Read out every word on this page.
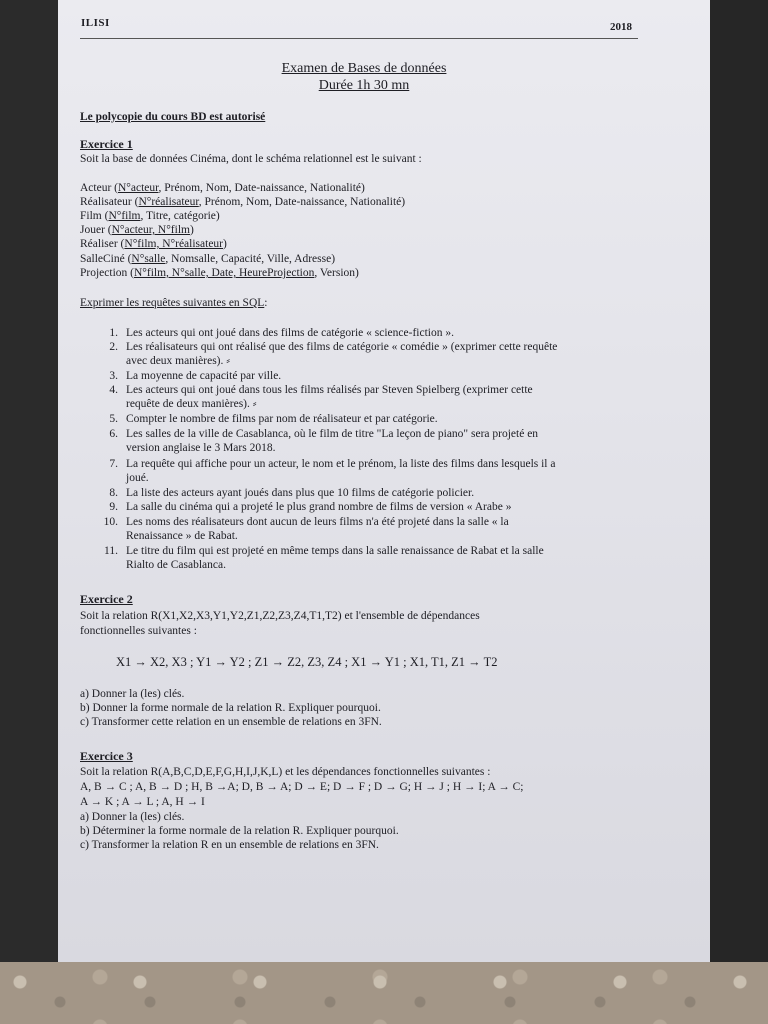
ILISI	2018
Examen de Bases de données
Durée 1h 30 mn
Le polycopie du cours BD est autorisé
Exercice 1
Soit la base de données Cinéma, dont le schéma relationnel est le suivant :
Acteur (N°acteur, Prénom, Nom, Date-naissance, Nationalité)
Réalisateur (N°réalisateur, Prénom, Nom, Date-naissance, Nationalité)
Film (N°film, Titre, catégorie)
Jouer (N°acteur, N°film)
Réaliser (N°film, N°réalisateur)
SalleCiné (N°salle, Nomsalle, Capacité, Ville, Adresse)
Projection (N°film, N°salle, Date, HeureProjection, Version)
Exprimer les requêtes suivantes en SQL:
1. Les acteurs qui ont joué dans des films de catégorie « science-fiction ».
2. Les réalisateurs qui ont réalisé que des films de catégorie « comédie » (exprimer cette requête
avec deux manières). ⸗
3. La moyenne de capacité par ville.
4. Les acteurs qui ont joué dans tous les films réalisés par Steven Spielberg (exprimer cette
requête de deux manières). ⸗
5. Compter le nombre de films par nom de réalisateur et par catégorie.
6. Les salles de la ville de Casablanca, où le film de titre "La leçon de piano" sera projeté en
version anglaise le 3 Mars 2018.
7. La requête qui affiche pour un acteur, le nom et le prénom, la liste des films dans lesquels il a
joué.
8. La liste des acteurs ayant joués dans plus que 10 films de catégorie policier.
9. La salle du cinéma qui a projeté le plus grand nombre de films de version « Arabe »
10. Les noms des réalisateurs dont aucun de leurs films n'a été projeté dans la salle « la
Renaissance » de Rabat.
11. Le titre du film qui est projeté en même temps dans la salle renaissance de Rabat et la salle
Rialto de Casablanca.
Exercice 2
Soit la relation R(X1,X2,X3,Y1,Y2,Z1,Z2,Z3,Z4,T1,T2) et l'ensemble de dépendances
fonctionnelles suivantes :
X1 → X2, X3 ; Y1 → Y2 ; Z1 → Z2, Z3, Z4 ; X1 → Y1 ; X1, T1, Z1 → T2
a) Donner la (les) clés.
b) Donner la forme normale de la relation R. Expliquer pourquoi.
c) Transformer cette relation en un ensemble de relations en 3FN.
Exercice 3
Soit la relation R(A,B,C,D,E,F,G,H,I,J,K,L) et les dépendances fonctionnelles suivantes :
A, B → C ; A, B → D ; H, B →A; D, B → A; D → E; D → F ; D → G; H → J ; H → I; A → C;
A → K ; A → L ; A, H → I
a) Donner la (les) clés.
b) Déterminer la forme normale de la relation R. Expliquer pourquoi.
c) Transformer la relation R en un ensemble de relations en 3FN.
